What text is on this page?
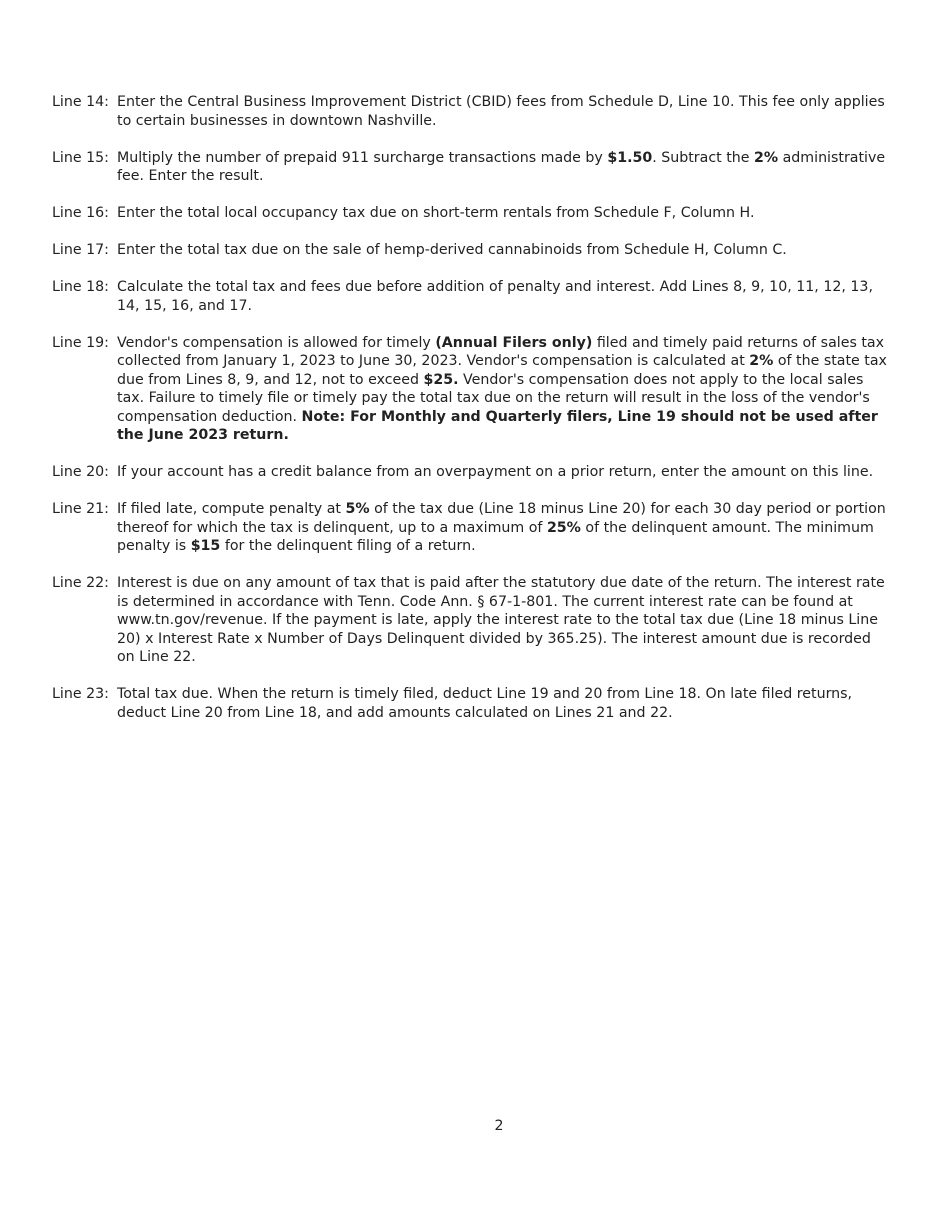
Line 14: Enter the Central Business Improvement District (CBID) fees from Schedule D, Line 10. This fee only applies to certain businesses in downtown Nashville.
Line 15: Multiply the number of prepaid 911 surcharge transactions made by $1.50. Subtract the 2% administrative fee. Enter the result.
Line 16: Enter the total local occupancy tax due on short-term rentals from Schedule F, Column H.
Line 17: Enter the total tax due on the sale of hemp-derived cannabinoids from Schedule H, Column C.
Line 18: Calculate the total tax and fees due before addition of penalty and interest. Add Lines 8, 9, 10, 11, 12, 13, 14, 15, 16, and 17.
Line 19: Vendor's compensation is allowed for timely (Annual Filers only) filed and timely paid returns of sales tax collected from January 1, 2023 to June 30, 2023. Vendor's compensation is calculated at 2% of the state tax due from Lines 8, 9, and 12, not to exceed $25. Vendor's compensation does not apply to the local sales tax. Failure to timely file or timely pay the total tax due on the return will result in the loss of the vendor's compensation deduction. Note: For Monthly and Quarterly filers, Line 19 should not be used after the June 2023 return.
Line 20: If your account has a credit balance from an overpayment on a prior return, enter the amount on this line.
Line 21: If filed late, compute penalty at 5% of the tax due (Line 18 minus Line 20) for each 30 day period or portion thereof for which the tax is delinquent, up to a maximum of 25% of the delinquent amount. The minimum penalty is $15 for the delinquent filing of a return.
Line 22: Interest is due on any amount of tax that is paid after the statutory due date of the return. The interest rate is determined in accordance with Tenn. Code Ann. § 67-1-801. The current interest rate can be found at www.tn.gov/revenue. If the payment is late, apply the interest rate to the total tax due (Line 18 minus Line 20) x Interest Rate x Number of Days Delinquent divided by 365.25). The interest amount due is recorded on Line 22.
Line 23: Total tax due. When the return is timely filed, deduct Line 19 and 20 from Line 18. On late filed returns, deduct Line 20 from Line 18, and add amounts calculated on Lines 21 and 22.
2
